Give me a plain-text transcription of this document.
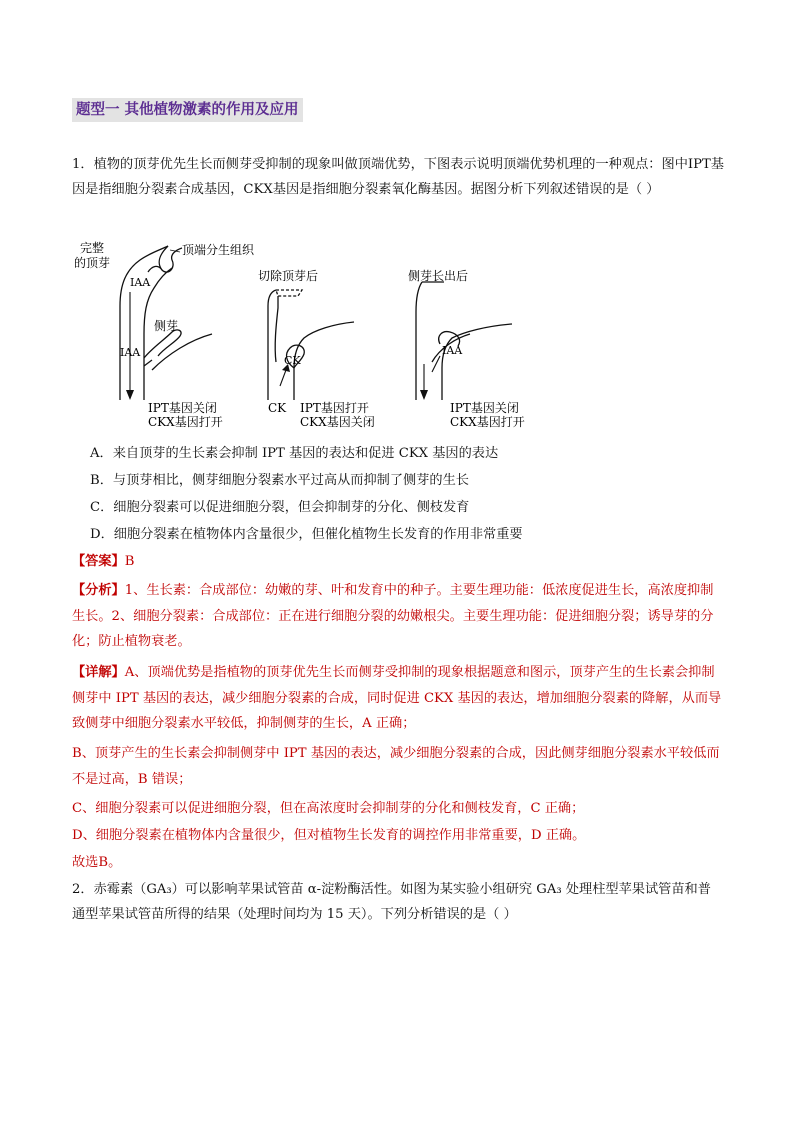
题型一 其他植物激素的作用及应用
1．植物的顶芽优先生长而侧芽受抑制的现象叫做顶端优势，下图表示说明顶端优势机理的一种观点：图中IPT基因是指细胞分裂素合成基因，CKX基因是指细胞分裂素氧化酶基因。据图分析下列叙述错误的是（ ）
完整
的顶芽
顶端分生组织
IAA
侧芽
IAA
IPT基因关闭
CKX基因打开
切除顶芽后
CK
CK IPT基因打开
CKX基因关闭
侧芽长出后
IAA
IPT基因关闭
CKX基因打开
A．来自顶芽的生长素会抑制 IPT 基因的表达和促进 CKX 基因的表达
B．与顶芽相比，侧芽细胞分裂素水平过高从而抑制了侧芽的生长
C．细胞分裂素可以促进细胞分裂，但会抑制芽的分化、侧枝发育
D．细胞分裂素在植物体内含量很少，但催化植物生长发育的作用非常重要
【答案】B
【分析】1、生长素：合成部位：幼嫩的芽、叶和发育中的种子。主要生理功能：低浓度促进生长，高浓度抑制生长。2、细胞分裂素：合成部位：正在进行细胞分裂的幼嫩根尖。主要生理功能：促进细胞分裂；诱导芽的分化；防止植物衰老。
【详解】A、顶端优势是指植物的顶芽优先生长而侧芽受抑制的现象根据题意和图示，顶芽产生的生长素会抑制侧芽中 IPT 基因的表达，减少细胞分裂素的合成，同时促进 CKX 基因的表达，增加细胞分裂素的降解，从而导致侧芽中细胞分裂素水平较低，抑制侧芽的生长，A 正确；
B、顶芽产生的生长素会抑制侧芽中 IPT 基因的表达，减少细胞分裂素的合成，因此侧芽细胞分裂素水平较低而不是过高，B 错误；
C、细胞分裂素可以促进细胞分裂，但在高浓度时会抑制芽的分化和侧枝发育，C 正确；
D、细胞分裂素在植物体内含量很少，但对植物生长发育的调控作用非常重要，D 正确。
故选B。
2．赤霉素（GA₃）可以影响苹果试管苗 α-淀粉酶活性。如图为某实验小组研究 GA₃ 处理柱型苹果试管苗和普通型苹果试管苗所得的结果（处理时间均为 15 天）。下列分析错误的是（ ）
